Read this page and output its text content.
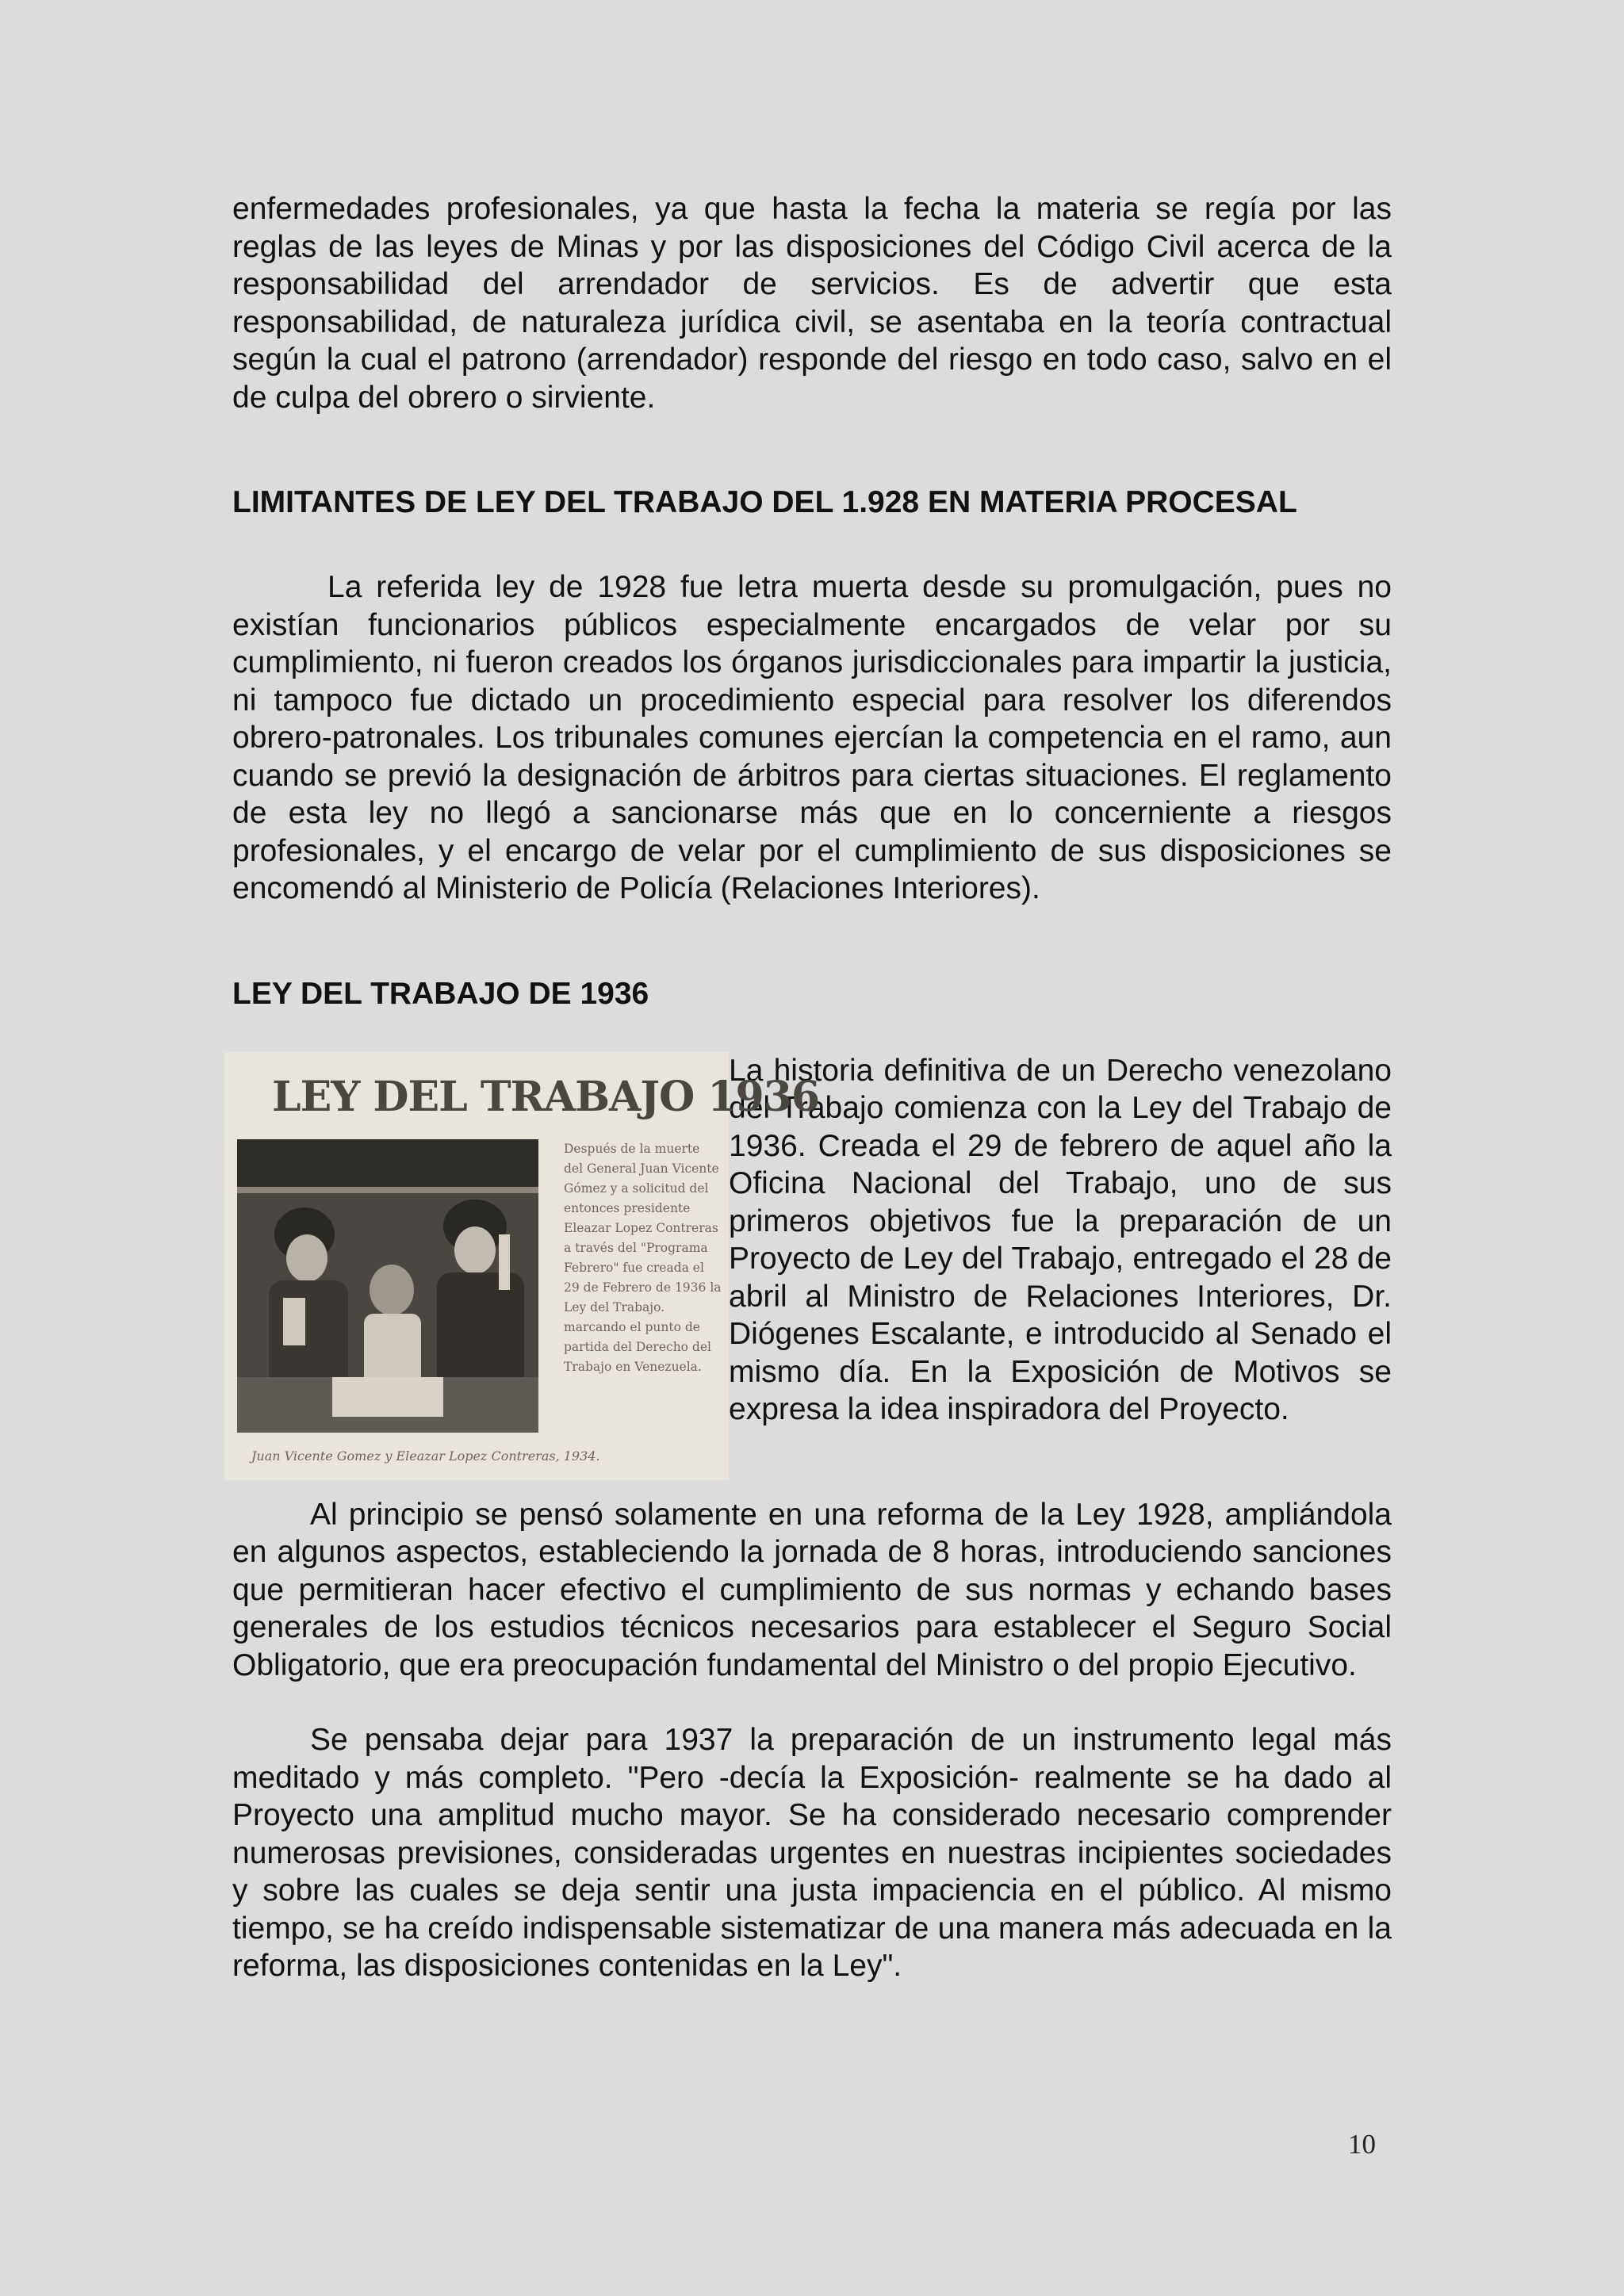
enfermedades profesionales, ya que hasta la fecha la materia se regía por las reglas de las leyes de Minas y por las disposiciones del Código Civil acerca de la responsabilidad del arrendador de servicios. Es de advertir que esta responsabilidad, de naturaleza jurídica civil, se asentaba en la teoría contractual según la cual el patrono (arrendador) responde del riesgo en todo caso, salvo en el de culpa del obrero o sirviente.

LIMITANTES DE LEY DEL TRABAJO DEL 1.928 EN MATERIA PROCESAL

La referida ley de 1928 fue letra muerta desde su promulgación, pues no existían funcionarios públicos especialmente encargados de velar por su cumplimiento, ni fueron creados los órganos jurisdiccionales para impartir la justicia, ni tampoco fue dictado un procedimiento especial para resolver los diferendos obrero-patronales. Los tribunales comunes ejercían la competencia en el ramo, aun cuando se previó la designación de árbitros para ciertas situaciones. El reglamento de esta ley no llegó a sancionarse más que en lo concerniente a riesgos profesionales, y el encargo de velar por el cumplimiento de sus disposiciones se encomendó al Ministerio de Policía (Relaciones Interiores).

LEY DEL TRABAJO DE 1936
LEY DEL TRABAJO 1936
Después de la muerte del General Juan Vicente Gómez y a solicitud del entonces presidente Eleazar Lopez Contreras a través del "Programa Febrero" fue creada el 29 de Febrero de 1936 la Ley del Trabajo. marcando el punto de partida del Derecho del Trabajo en Venezuela.
Juan Vicente Gomez y Eleazar Lopez Contreras, 1934.

La historia definitiva de un Derecho venezolano del Trabajo comienza con la Ley del Trabajo de 1936. Creada el 29 de febrero de aquel año la Oficina Nacional del Trabajo, uno de sus primeros objetivos fue la preparación de un Proyecto de Ley del Trabajo, entregado el 28 de abril al Ministro de Relaciones Interiores, Dr. Diógenes Escalante, e introducido al Senado el mismo día. En la Exposición de Motivos se expresa la idea inspiradora del Proyecto.

Al principio se pensó solamente en una reforma de la Ley 1928, ampliándola en algunos aspectos, estableciendo la jornada de 8 horas, introduciendo sanciones que permitieran hacer efectivo el cumplimiento de sus normas y echando bases generales de los estudios técnicos necesarios para establecer el Seguro Social Obligatorio, que era preocupación fundamental del Ministro o del propio Ejecutivo.

Se pensaba dejar para 1937 la preparación de un instrumento legal más meditado y más completo. "Pero -decía la Exposición- realmente se ha dado al Proyecto una amplitud mucho mayor. Se ha considerado necesario comprender numerosas previsiones, consideradas urgentes en nuestras incipientes sociedades y sobre las cuales se deja sentir una justa impaciencia en el público. Al mismo tiempo, se ha creído indispensable sistematizar de una manera más adecuada en la reforma, las disposiciones contenidas en la Ley".

10
